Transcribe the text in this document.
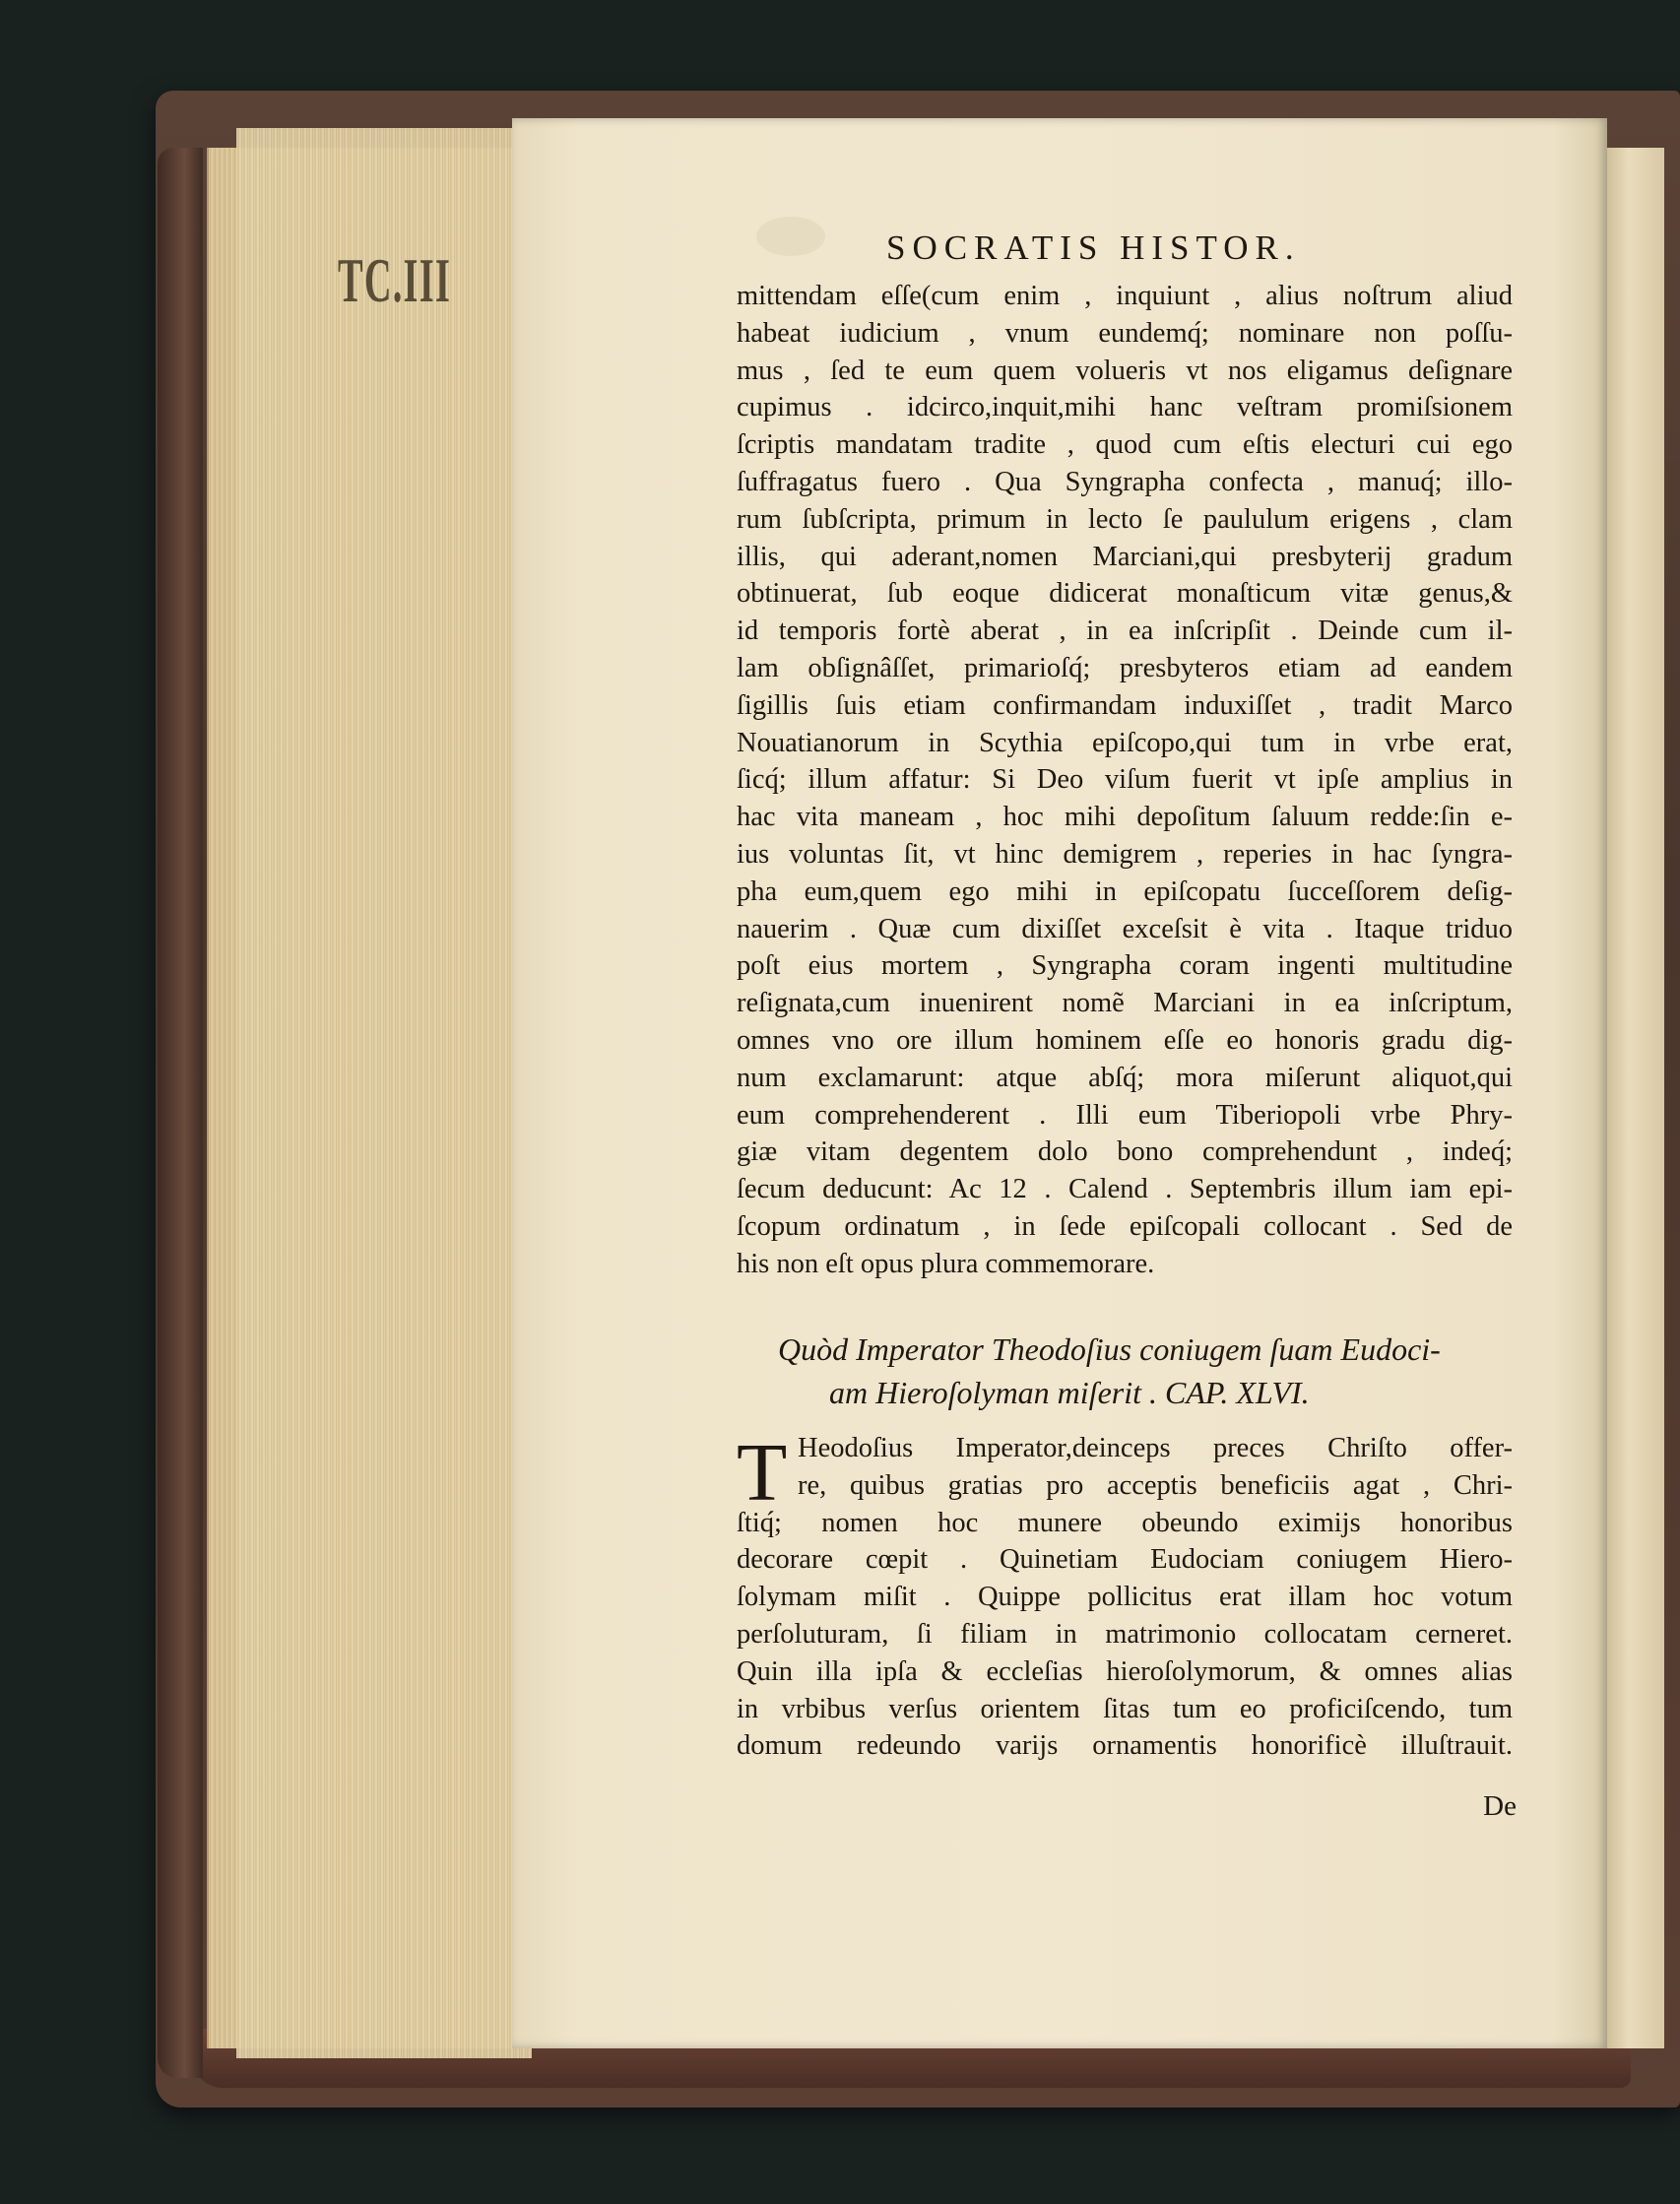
TC.III	SOCRATIS HISTOR.
mittendam eſſe(cum enim , inquiunt , alius noſtrum aliud
habeat iudicium , vnum eundemq́; nominare non poſſu-
mus , ſed te eum quem volueris vt nos eligamus deſignare
cupimus . idcirco,inquit,mihi hanc veſtram promiſsionem
ſcriptis mandatam tradite , quod cum eſtis electuri cui ego
ſuffragatus fuero . Qua Syngrapha confecta , manuq́; illo-
rum ſubſcripta, primum in lecto ſe paululum erigens , clam
illis, qui aderant,nomen Marciani,qui presbyterij gradum
obtinuerat, ſub eoque didicerat monaſticum vitæ genus,&
id temporis fortè aberat , in ea inſcripſit . Deinde cum il-
lam obſignâſſet, primarioſq́; presbyteros etiam ad eandem
ſigillis ſuis etiam confirmandam induxiſſet , tradit Marco
Nouatianorum in Scythia epiſcopo,qui tum in vrbe erat,
ſicq́; illum affatur: Si Deo viſum fuerit vt ipſe amplius in
hac vita maneam , hoc mihi depoſitum ſaluum redde:ſin e-
ius voluntas ſit, vt hinc demigrem , reperies in hac ſyngra-
pha eum,quem ego mihi in epiſcopatu ſucceſſorem deſig-
nauerim . Quæ cum dixiſſet exceſsit è vita . Itaque triduo
poſt eius mortem , Syngrapha coram ingenti multitudine
reſignata,cum inuenirent nomẽ Marciani in ea inſcriptum,
omnes vno ore illum hominem eſſe eo honoris gradu dig-
num exclamarunt: atque abſq́; mora miſerunt aliquot,qui
eum comprehenderent . Illi eum Tiberiopoli vrbe Phry-
giæ vitam degentem dolo bono comprehendunt , indeq́;
ſecum deducunt: Ac 12 . Calend . Septembris illum iam epi-
ſcopum ordinatum , in ſede epiſcopali collocant . Sed de
his non eſt opus plura commemorare.
Quòd Imperator Theodoſius coniugem ſuam Eudoci-
am Hieroſolyman miſerit . CAP. XLVI.
T Heodoſius Imperator,deinceps preces Chriſto offer-
re, quibus gratias pro acceptis beneficiis agat , Chri-
ſtiq́; nomen hoc munere obeundo eximijs honoribus
decorare cœpit . Quinetiam Eudociam coniugem Hiero-
ſolymam miſit . Quippe pollicitus erat illam hoc votum
perſoluturam, ſi filiam in matrimonio collocatam cerneret.
Quin illa ipſa & eccleſias hieroſolymorum, & omnes alias
in vrbibus verſus orientem ſitas tum eo proficiſcendo, tum
domum redeundo varijs ornamentis honorificè illuſtrauit.
De
